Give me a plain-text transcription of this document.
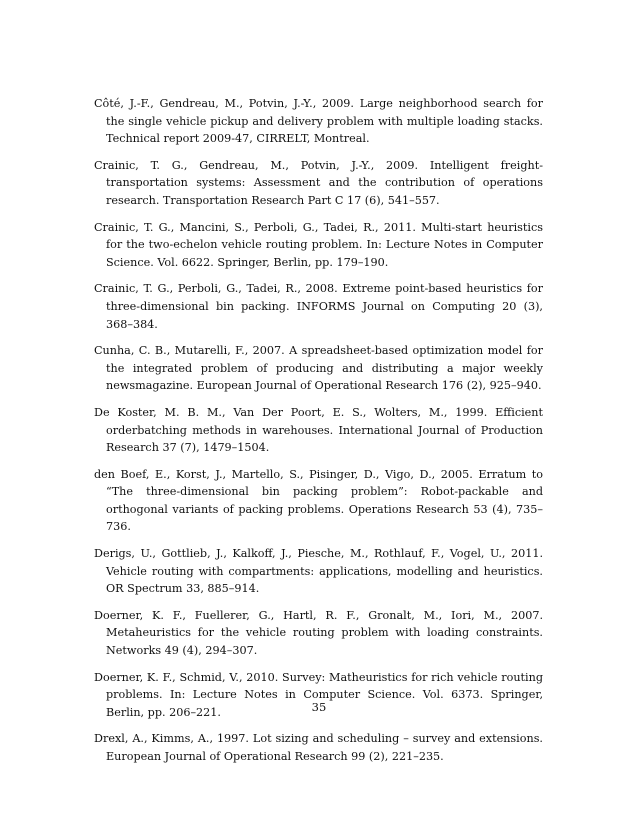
Côté, J.-F., Gendreau, M., Potvin, J.-Y., 2009. Large neighborhood search for the single vehicle pickup and delivery problem with multiple loading stacks. Technical report 2009-47, CIRRELT, Montreal.
Crainic, T. G., Gendreau, M., Potvin, J.-Y., 2009. Intelligent freight-transportation systems: Assessment and the contribution of operations research. Transportation Research Part C 17 (6), 541–557.
Crainic, T. G., Mancini, S., Perboli, G., Tadei, R., 2011. Multi-start heuristics for the two-echelon vehicle routing problem. In: Lecture Notes in Computer Science. Vol. 6622. Springer, Berlin, pp. 179–190.
Crainic, T. G., Perboli, G., Tadei, R., 2008. Extreme point-based heuristics for three-dimensional bin packing. INFORMS Journal on Computing 20 (3), 368–384.
Cunha, C. B., Mutarelli, F., 2007. A spreadsheet-based optimization model for the integrated problem of producing and distributing a major weekly newsmagazine. European Journal of Operational Research 176 (2), 925–940.
De Koster, M. B. M., Van Der Poort, E. S., Wolters, M., 1999. Efficient orderbatching methods in warehouses. International Journal of Production Research 37 (7), 1479–1504.
den Boef, E., Korst, J., Martello, S., Pisinger, D., Vigo, D., 2005. Erratum to “The three-dimensional bin packing problem”: Robot-packable and orthogonal variants of packing problems. Operations Research 53 (4), 735–736.
Derigs, U., Gottlieb, J., Kalkoff, J., Piesche, M., Rothlauf, F., Vogel, U., 2011. Vehicle routing with compartments: applications, modelling and heuristics. OR Spectrum 33, 885–914.
Doerner, K. F., Fuellerer, G., Hartl, R. F., Gronalt, M., Iori, M., 2007. Metaheuristics for the vehicle routing problem with loading constraints. Networks 49 (4), 294–307.
Doerner, K. F., Schmid, V., 2010. Survey: Matheuristics for rich vehicle routing problems. In: Lecture Notes in Computer Science. Vol. 6373. Springer, Berlin, pp. 206–221.
Drexl, A., Kimms, A., 1997. Lot sizing and scheduling – survey and extensions. European Journal of Operational Research 99 (2), 221–235.
35
